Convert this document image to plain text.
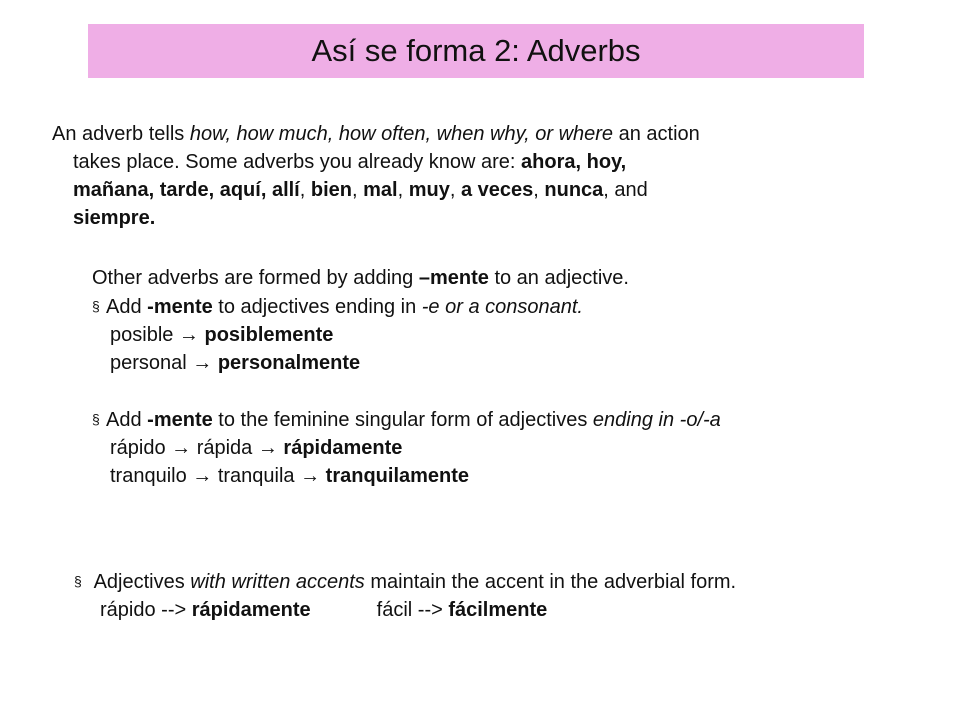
Así se forma 2: Adverbs
An adverb tells how, how much, how often, when why, or where an action
takes place. Some adverbs you already know are: ahora, hoy,
mañana, tarde, aquí, allí, bien, mal, muy, a veces, nunca, and
siempre.
Other adverbs are formed by adding –mente to an adjective.
§ Add -mente to adjectives ending in -e or a consonant.
posible → posiblemente
personal → personalmente

§ Add -mente to the feminine singular form of adjectives ending in -o/-a
rápido → rápida → rápidamente
tranquilo → tranquila → tranquilamente
§ Adjectives with written accents maintain the accent in the adverbial form.
rápido --> rápidamente	fácil --> fácilmente
